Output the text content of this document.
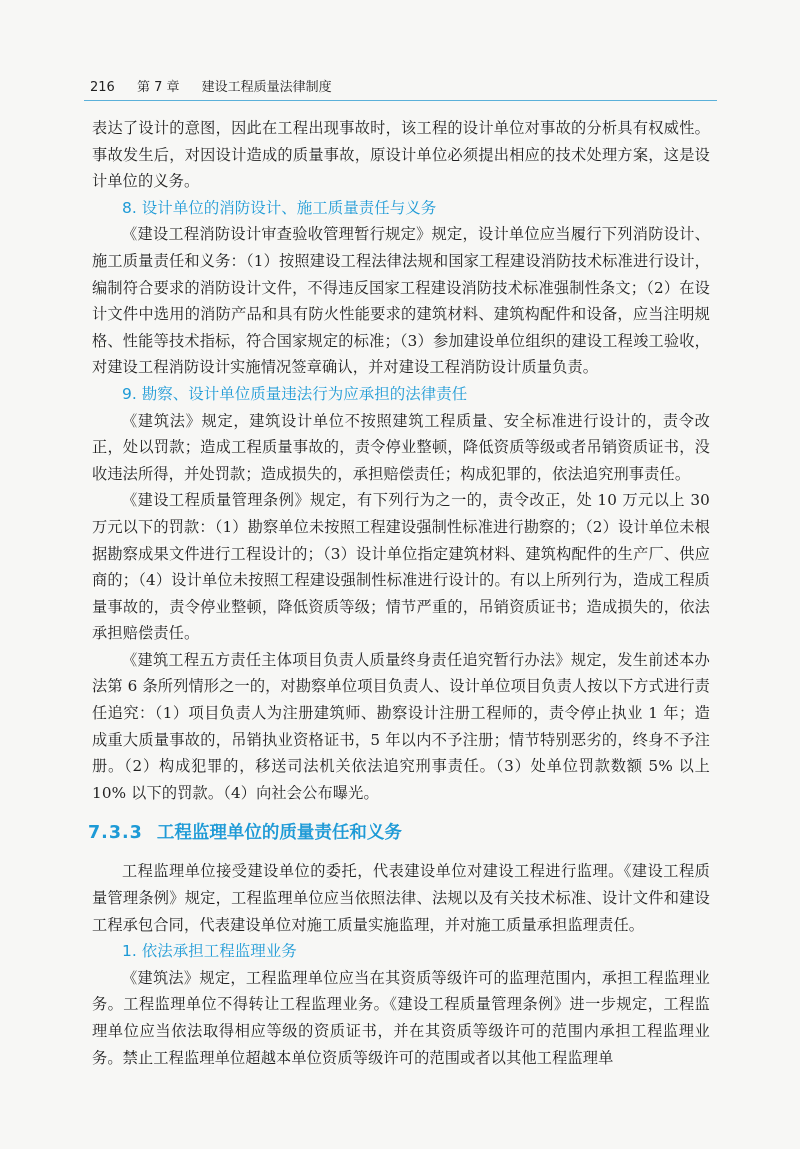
216 第 7 章 建设工程质量法律制度

表达了设计的意图，因此在工程出现事故时，该工程的设计单位对事故的分析具有权威性。事故发生后，对因设计造成的质量事故，原设计单位必须提出相应的技术处理方案，这是设计单位的义务。

8. 设计单位的消防设计、施工质量责任与义务

《建设工程消防设计审查验收管理暂行规定》规定，设计单位应当履行下列消防设计、施工质量责任和义务：（1）按照建设工程法律法规和国家工程建设消防技术标准进行设计，编制符合要求的消防设计文件，不得违反国家工程建设消防技术标准强制性条文；（2）在设计文件中选用的消防产品和具有防火性能要求的建筑材料、建筑构配件和设备，应当注明规格、性能等技术指标，符合国家规定的标准；（3）参加建设单位组织的建设工程竣工验收，对建设工程消防设计实施情况签章确认，并对建设工程消防设计质量负责。

9. 勘察、设计单位质量违法行为应承担的法律责任

《建筑法》规定，建筑设计单位不按照建筑工程质量、安全标准进行设计的，责令改正，处以罚款；造成工程质量事故的，责令停业整顿，降低资质等级或者吊销资质证书，没收违法所得，并处罚款；造成损失的，承担赔偿责任；构成犯罪的，依法追究刑事责任。

《建设工程质量管理条例》规定，有下列行为之一的，责令改正，处 10 万元以上 30 万元以下的罚款：（1）勘察单位未按照工程建设强制性标准进行勘察的；（2）设计单位未根据勘察成果文件进行工程设计的；（3）设计单位指定建筑材料、建筑构配件的生产厂、供应商的；（4）设计单位未按照工程建设强制性标准进行设计的。有以上所列行为，造成工程质量事故的，责令停业整顿，降低资质等级；情节严重的，吊销资质证书；造成损失的，依法承担赔偿责任。

《建筑工程五方责任主体项目负责人质量终身责任追究暂行办法》规定，发生前述本办法第 6 条所列情形之一的，对勘察单位项目负责人、设计单位项目负责人按以下方式进行责任追究：（1）项目负责人为注册建筑师、勘察设计注册工程师的，责令停止执业 1 年；造成重大质量事故的，吊销执业资格证书，5 年以内不予注册；情节特别恶劣的，终身不予注册。（2）构成犯罪的，移送司法机关依法追究刑事责任。（3）处单位罚款数额 5% 以上 10% 以下的罚款。（4）向社会公布曝光。

7.3.3 工程监理单位的质量责任和义务

工程监理单位接受建设单位的委托，代表建设单位对建设工程进行监理。《建设工程质量管理条例》规定，工程监理单位应当依照法律、法规以及有关技术标准、设计文件和建设工程承包合同，代表建设单位对施工质量实施监理，并对施工质量承担监理责任。

1. 依法承担工程监理业务

《建筑法》规定，工程监理单位应当在其资质等级许可的监理范围内，承担工程监理业务。工程监理单位不得转让工程监理业务。《建设工程质量管理条例》进一步规定，工程监理单位应当依法取得相应等级的资质证书，并在其资质等级许可的范围内承担工程监理业务。禁止工程监理单位超越本单位资质等级许可的范围或者以其他工程监理单
